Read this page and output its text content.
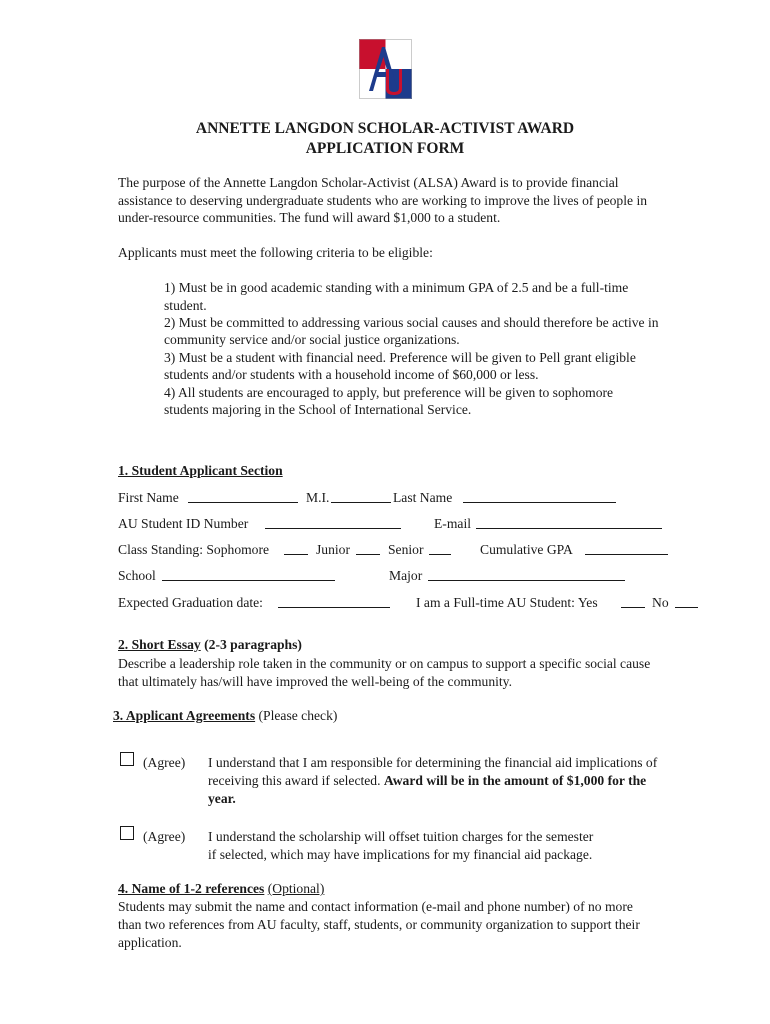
ANNETTE LANGDON SCHOLAR-ACTIVIST AWARD
APPLICATION FORM
The purpose of the Annette Langdon Scholar-Activist (ALSA) Award is to provide financial
assistance to deserving undergraduate students who are working to improve the lives of people in
under-resource communities. The fund will award $1,000 to a student.
Applicants must meet the following criteria to be eligible:
1) Must be in good academic standing with a minimum GPA of 2.5 and be a full-time
student.
2) Must be committed to addressing various social causes and should therefore be active in
community service and/or social justice organizations.
3) Must be a student with financial need. Preference will be given to Pell grant eligible
students and/or students with a household income of $60,000 or less.
4) All students are encouraged to apply, but preference will be given to sophomore
students majoring in the School of International Service.
1. Student Applicant Section
First Name	M.I.	Last Name
AU Student ID Number	E-mail
Class Standing: Sophomore	Junior	Senior	Cumulative GPA
School	Major
Expected Graduation date:	I am a Full-time AU Student: Yes	No
2. Short Essay (2-3 paragraphs)
Describe a leadership role taken in the community or on campus to support a specific social cause
that ultimately has/will have improved the well-being of the community.
3. Applicant Agreements (Please check)
(Agree) I understand that I am responsible for determining the financial aid implications of
receiving this award if selected. Award will be in the amount of $1,000 for the
year.
(Agree) I understand the scholarship will offset tuition charges for the semester
if selected, which may have implications for my financial aid package.
4. Name of 1-2 references (Optional)
Students may submit the name and contact information (e-mail and phone number) of no more
than two references from AU faculty, staff, students, or community organization to support their
application.
